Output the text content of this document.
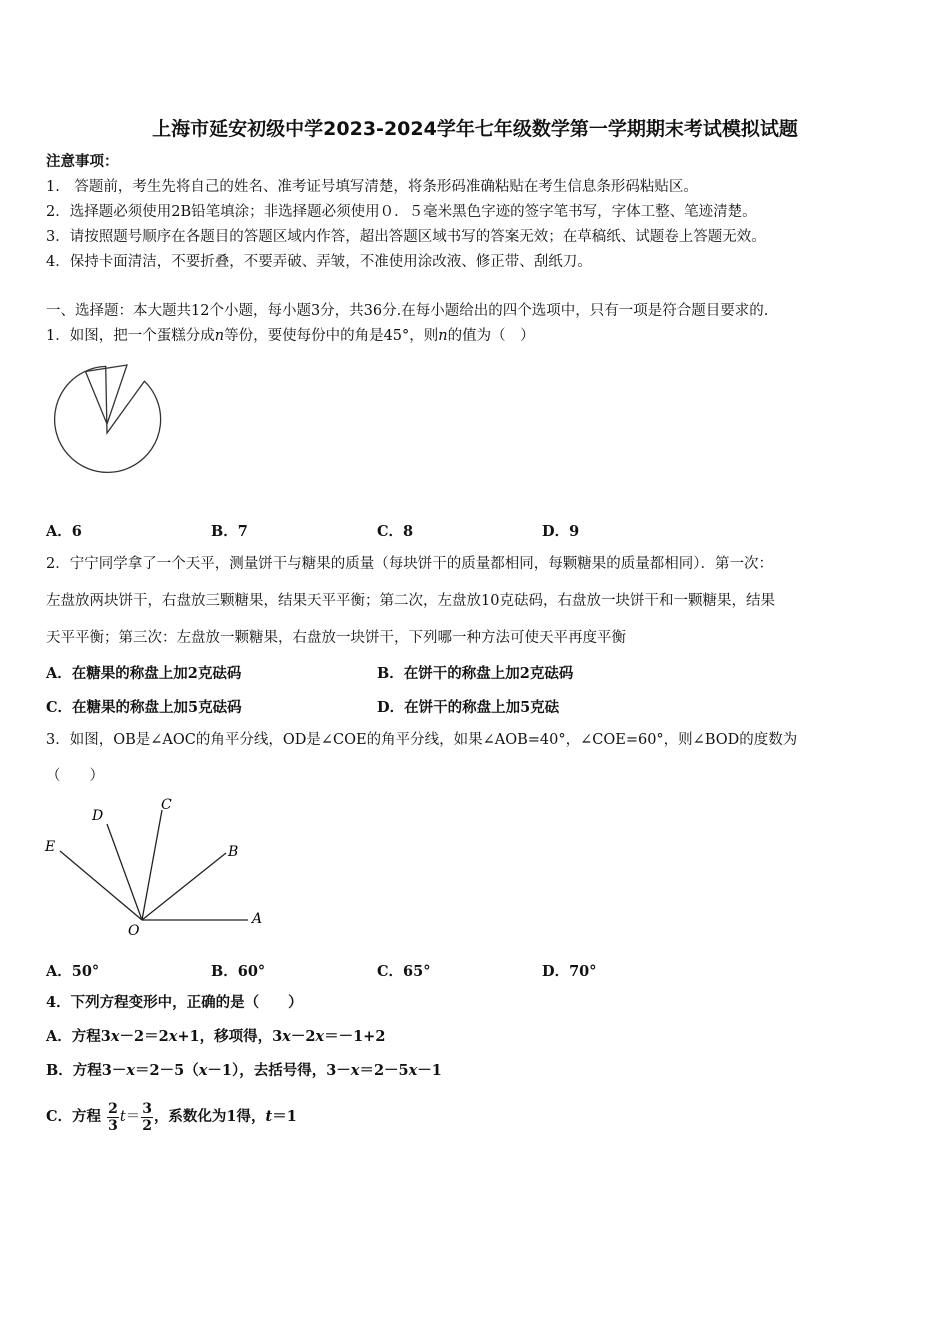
上海市延安初级中学2023-2024学年七年级数学第一学期期末考试模拟试题
注意事项：
1.　答题前，考生先将自己的姓名、准考证号填写清楚，将条形码准确粘贴在考生信息条形码粘贴区。
2．选择题必须使用2B铅笔填涂；非选择题必须使用０．５毫米黑色字迹的签字笔书写，字体工整、笔迹清楚。
3．请按照题号顺序在各题目的答题区域内作答，超出答题区域书写的答案无效；在草稿纸、试题卷上答题无效。
4．保持卡面清洁，不要折叠，不要弄破、弄皱，不准使用涂改液、修正带、刮纸刀。
一、选择题：本大题共12个小题，每小题3分，共36分.在每小题给出的四个选项中，只有一项是符合题目要求的.
1．如图，把一个蛋糕分成n等份，要使每份中的角是45°，则n的值为（　）
A．6	B．7	C．8	D．9
2．宁宁同学拿了一个天平，测量饼干与糖果的质量（每块饼干的质量都相同，每颗糖果的质量都相同）．第一次：
左盘放两块饼干，右盘放三颗糖果，结果天平平衡；第二次，左盘放10克砝码，右盘放一块饼干和一颗糖果，结果
天平平衡；第三次：左盘放一颗糖果，右盘放一块饼干，下列哪一种方法可使天平再度平衡
A．在糖果的称盘上加2克砝码	B．在饼干的称盘上加2克砝码
C．在糖果的称盘上加5克砝码	D．在饼干的称盘上加5克砝
3．如图，OB是∠AOC的角平分线，OD是∠COE的角平分线，如果∠AOB=40°，∠COE=60°，则∠BOD的度数为
（　　）
A
B
C
D
E
O
A．50°	B．60°	C．65°	D．70°
4．下列方程变形中，正确的是（　　）
A．方程3x－2＝2x+1，移项得，3x－2x＝－1+2
B．方程3－x＝2－5（x－1），去括号得，3－x＝2－5x－1
C．方程 $\frac{2}{3} t= \frac{3}{2}$ ，系数化为1得，t＝1
